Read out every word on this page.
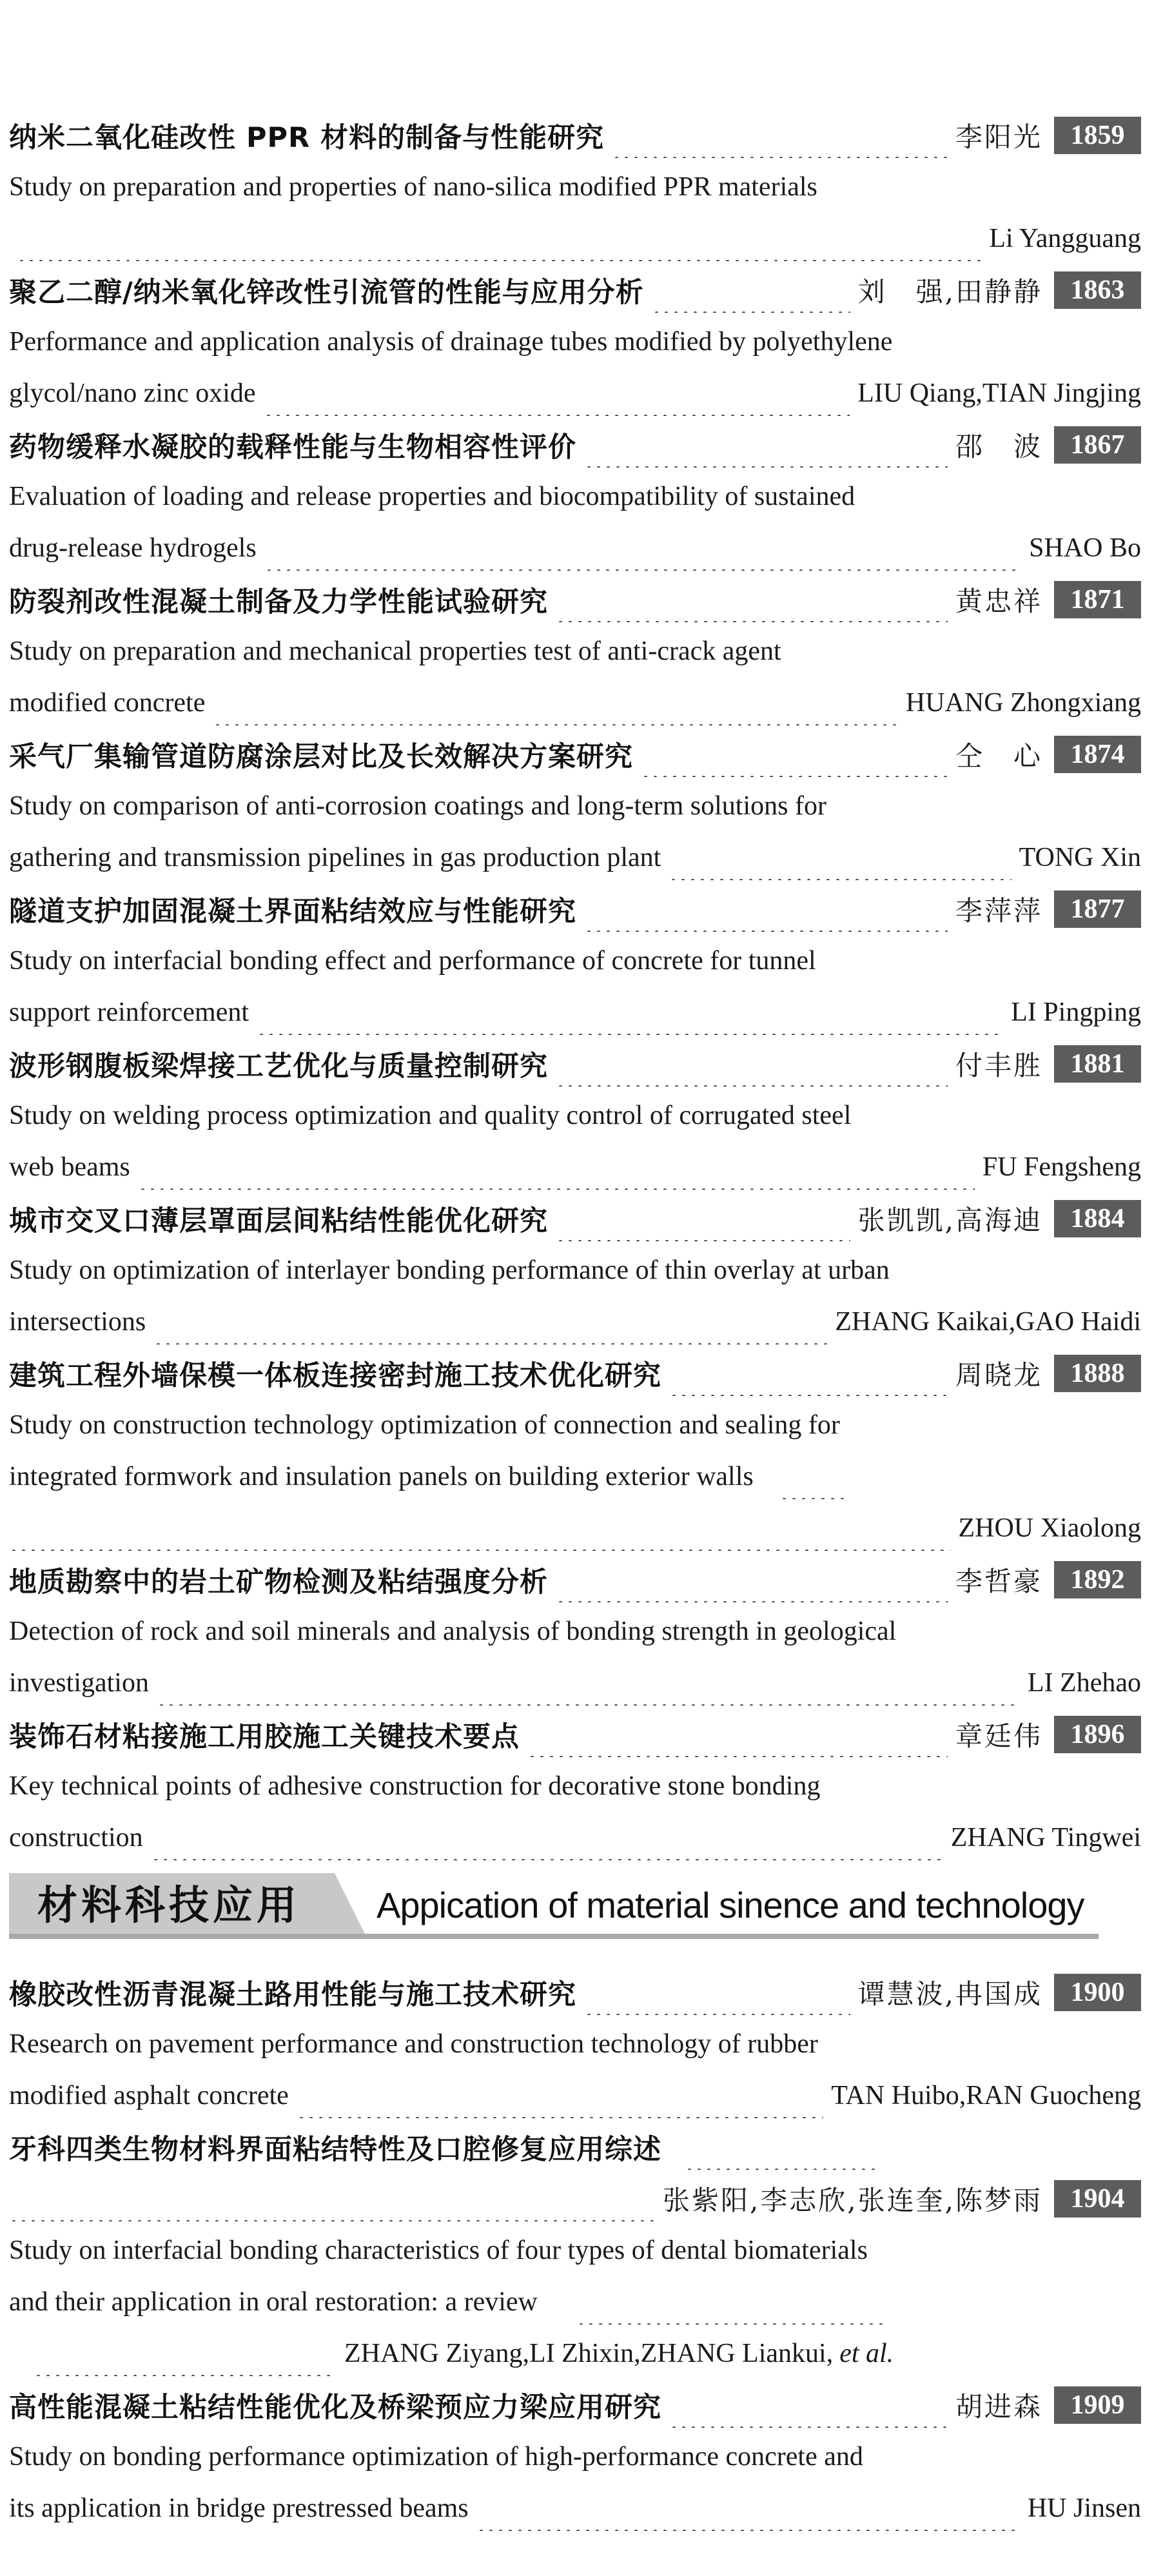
纳米二氧化硅改性 PPR 材料的制备与性能研究	李阳光	1859
Study on preparation and properties of nano-silica modified PPR materials
Li Yangguang
聚乙二醇/纳米氧化锌改性引流管的性能与应用分析	刘　强,田静静	1863
Performance and application analysis of drainage tubes modified by polyethylene
glycol/nano zinc oxide	LIU Qiang,TIAN Jingjing
药物缓释水凝胶的载释性能与生物相容性评价	邵　波	1867
Evaluation of loading and release properties and biocompatibility of sustained
drug-release hydrogels	SHAO Bo
防裂剂改性混凝土制备及力学性能试验研究	黄忠祥	1871
Study on preparation and mechanical properties test of anti-crack agent
modified concrete	HUANG Zhongxiang
采气厂集输管道防腐涂层对比及长效解决方案研究	仝　心	1874
Study on comparison of anti-corrosion coatings and long-term solutions for
gathering and transmission pipelines in gas production plant	TONG Xin
隧道支护加固混凝土界面粘结效应与性能研究	李萍萍	1877
Study on interfacial bonding effect and performance of concrete for tunnel
support reinforcement	LI Pingping
波形钢腹板梁焊接工艺优化与质量控制研究	付丰胜	1881
Study on welding process optimization and quality control of corrugated steel
web beams	FU Fengsheng
城市交叉口薄层罩面层间粘结性能优化研究	张凯凯,高海迪	1884
Study on optimization of interlayer bonding performance of thin overlay at urban
intersections	ZHANG Kaikai,GAO Haidi
建筑工程外墙保模一体板连接密封施工技术优化研究	周晓龙	1888
Study on construction technology optimization of connection and sealing for
integrated formwork and insulation panels on building exterior walls
ZHOU Xiaolong
地质勘察中的岩土矿物检测及粘结强度分析	李哲豪	1892
Detection of rock and soil minerals and analysis of bonding strength in geological
investigation	LI Zhehao
装饰石材粘接施工用胶施工关键技术要点	章廷伟	1896
Key technical points of adhesive construction for decorative stone bonding
construction	ZHANG Tingwei
材料科技应用 Appication of material sinence and technology
橡胶改性沥青混凝土路用性能与施工技术研究	谭慧波,冉国成	1900
Research on pavement performance and construction technology of rubber
modified asphalt concrete	TAN Huibo,RAN Guocheng
牙科四类生物材料界面粘结特性及口腔修复应用综述
张紫阳,李志欣,张连奎,陈梦雨	1904
Study on interfacial bonding characteristics of four types of dental biomaterials
and their application in oral restoration: a review
ZHANG Ziyang,LI Zhixin,ZHANG Liankui, et al.
高性能混凝土粘结性能优化及桥梁预应力梁应用研究	胡进森	1909
Study on bonding performance optimization of high-performance concrete and
its application in bridge prestressed beams	HU Jinsen
